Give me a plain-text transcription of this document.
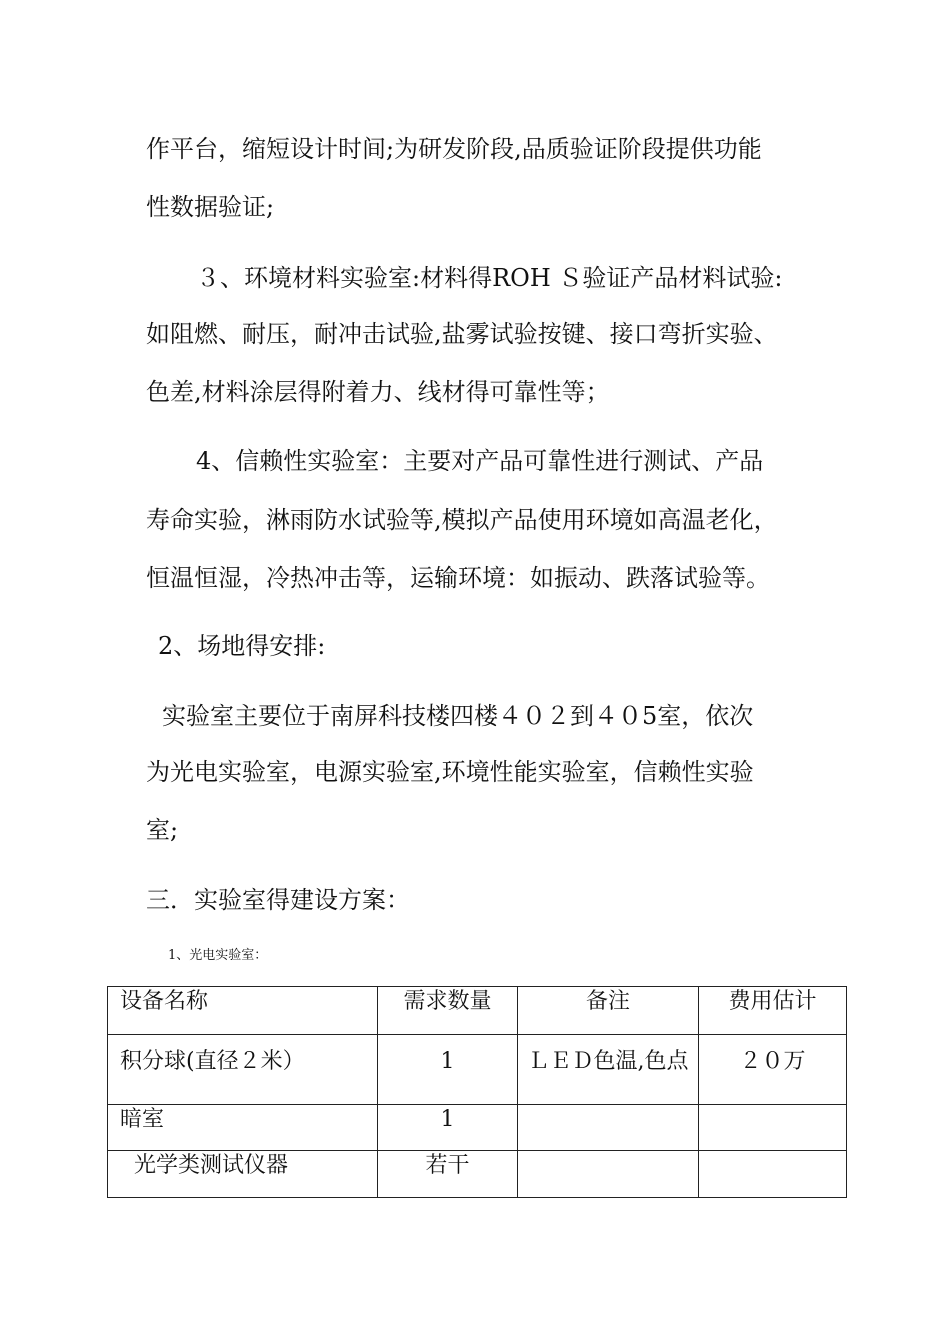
作平台，缩短设计时间;为研发阶段,品质验证阶段提供功能
性数据验证;
３、环境材料实验室:材料得ROH Ｓ验证产品材料试验:
如阻燃、耐压，耐冲击试验,盐雾试验按键、接口弯折实验、
色差,材料涂层得附着力、线材得可靠性等；
4、信赖性实验室：主要对产品可靠性进行测试、产品
寿命实验，淋雨防水试验等,模拟产品使用环境如高温老化，
恒温恒湿，冷热冲击等，运输环境：如振动、跌落试验等。
2、场地得安排:
实验室主要位于南屏科技楼四楼４０２到４０5室，依次
为光电实验室，电源实验室,环境性能实验室，信赖性实验
室;
三．实验室得建设方案：
1、光电实验室：
设备名称	需求数量	备注	费用估计

积分球(直径２米）	1	ＬＥＤ色温,色点	２０万

暗室	1		

光学类测试仪器	若干		
